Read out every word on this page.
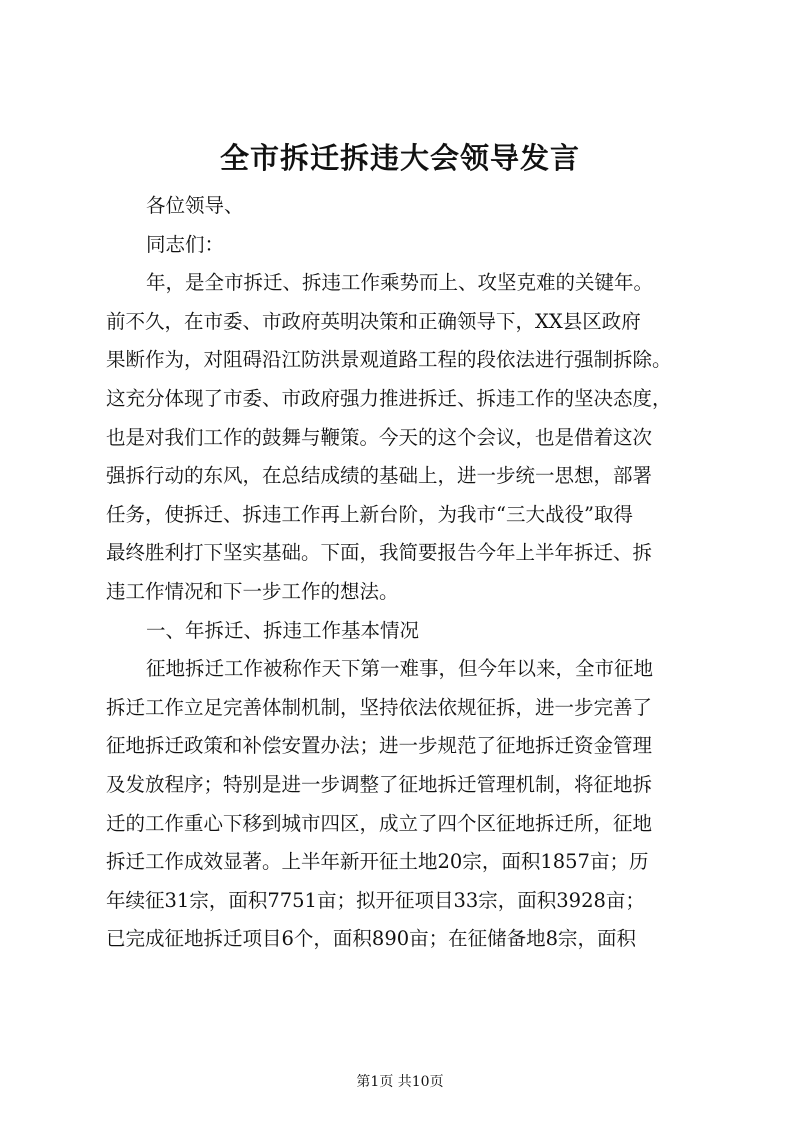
全市拆迁拆违大会领导发言
各位领导、
同志们：
年，是全市拆迁、拆违工作乘势而上、攻坚克难的关键年。
前不久，在市委、市政府英明决策和正确领导下，XX县区政府
果断作为，对阻碍沿江防洪景观道路工程的段依法进行强制拆除。
这充分体现了市委、市政府强力推进拆迁、拆违工作的坚决态度，
也是对我们工作的鼓舞与鞭策。今天的这个会议，也是借着这次
强拆行动的东风，在总结成绩的基础上，进一步统一思想，部署
任务，使拆迁、拆违工作再上新台阶，为我市“三大战役”取得
最终胜利打下坚实基础。下面，我简要报告今年上半年拆迁、拆
违工作情况和下一步工作的想法。
一、年拆迁、拆违工作基本情况
征地拆迁工作被称作天下第一难事，但今年以来，全市征地
拆迁工作立足完善体制机制，坚持依法依规征拆，进一步完善了
征地拆迁政策和补偿安置办法；进一步规范了征地拆迁资金管理
及发放程序；特别是进一步调整了征地拆迁管理机制，将征地拆
迁的工作重心下移到城市四区，成立了四个区征地拆迁所，征地
拆迁工作成效显著。上半年新开征土地20宗，面积1857亩；历
年续征31宗，面积7751亩；拟开征项目33宗，面积3928亩；
已完成征地拆迁项目6个，面积890亩；在征储备地8宗，面积
第1页 共10页
